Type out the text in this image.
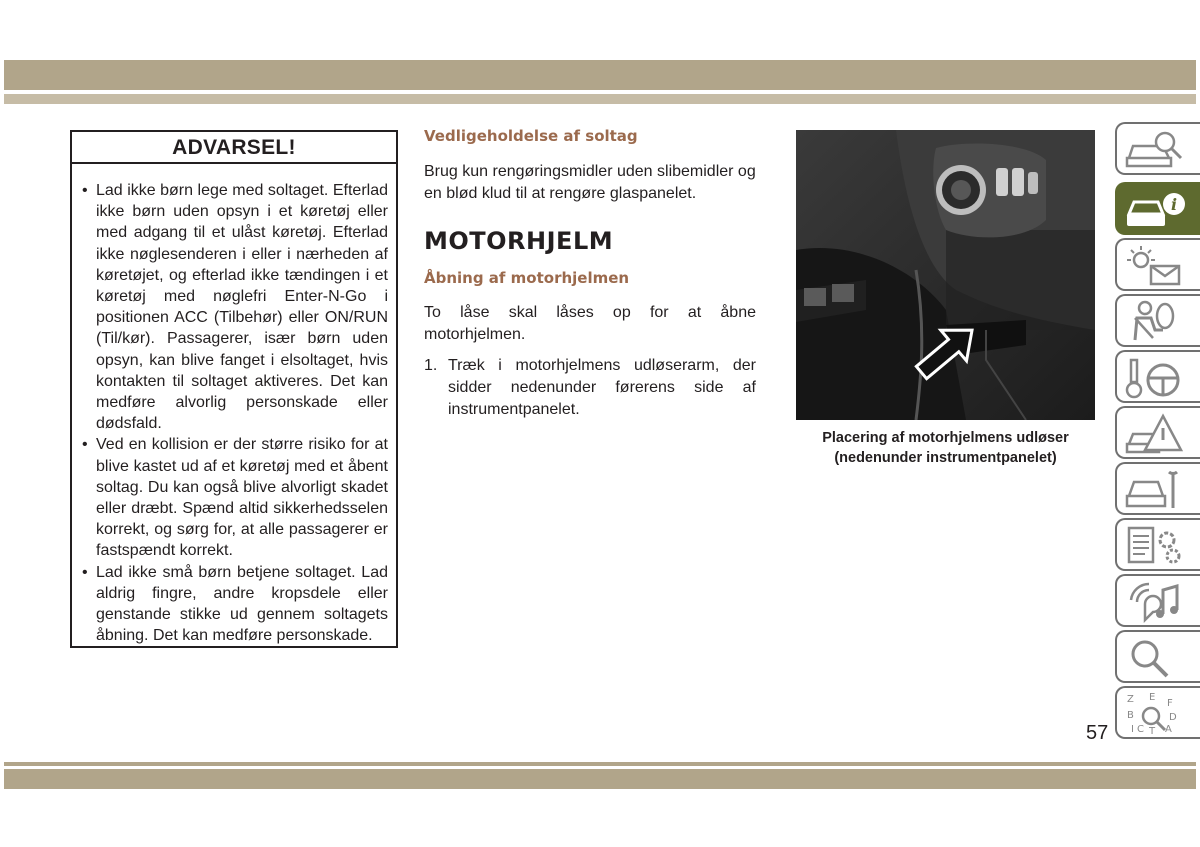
ADVARSEL!
• Lad ikke børn lege med soltaget. Efterlad ikke børn uden opsyn i et køretøj eller med adgang til et ulåst køretøj. Efterlad ikke nøglesenderen i eller i nærheden af køretøjet, og efterlad ikke tændingen i et køretøj med nøglefri Enter-N-Go i positionen ACC (Tilbehør) eller ON/RUN (Til/kør). Passagerer, især børn uden opsyn, kan blive fanget i elsoltaget, hvis kontakten til soltaget aktiveres. Det kan medføre alvorlig personskade eller dødsfald.
• Ved en kollision er der større risiko for at blive kastet ud af et køretøj med et åbent soltag. Du kan også blive alvorligt skadet eller dræbt. Spænd altid sikkerhedsselen korrekt, og sørg for, at alle passagerer er fastspændt korrekt.
• Lad ikke små børn betjene soltaget. Lad aldrig fingre, andre kropsdele eller genstande stikke ud gennem soltagets åbning. Det kan medføre personskade.
Vedligeholdelse af soltag

Brug kun rengøringsmidler uden slibemidler og en blød klud til at rengøre glaspanelet.

MOTORHJELM
Åbning af motorhjelmen

To låse skal låses op for at åbne motorhjelmen.

1. Træk i motorhjelmens udløserarm, der sidder nedenunder førerens side af instrumentpanelet.
Placering af motorhjelmens udløser
(nedenunder instrumentpanelet)
i
Z E
F
B	D
I C T A
57
